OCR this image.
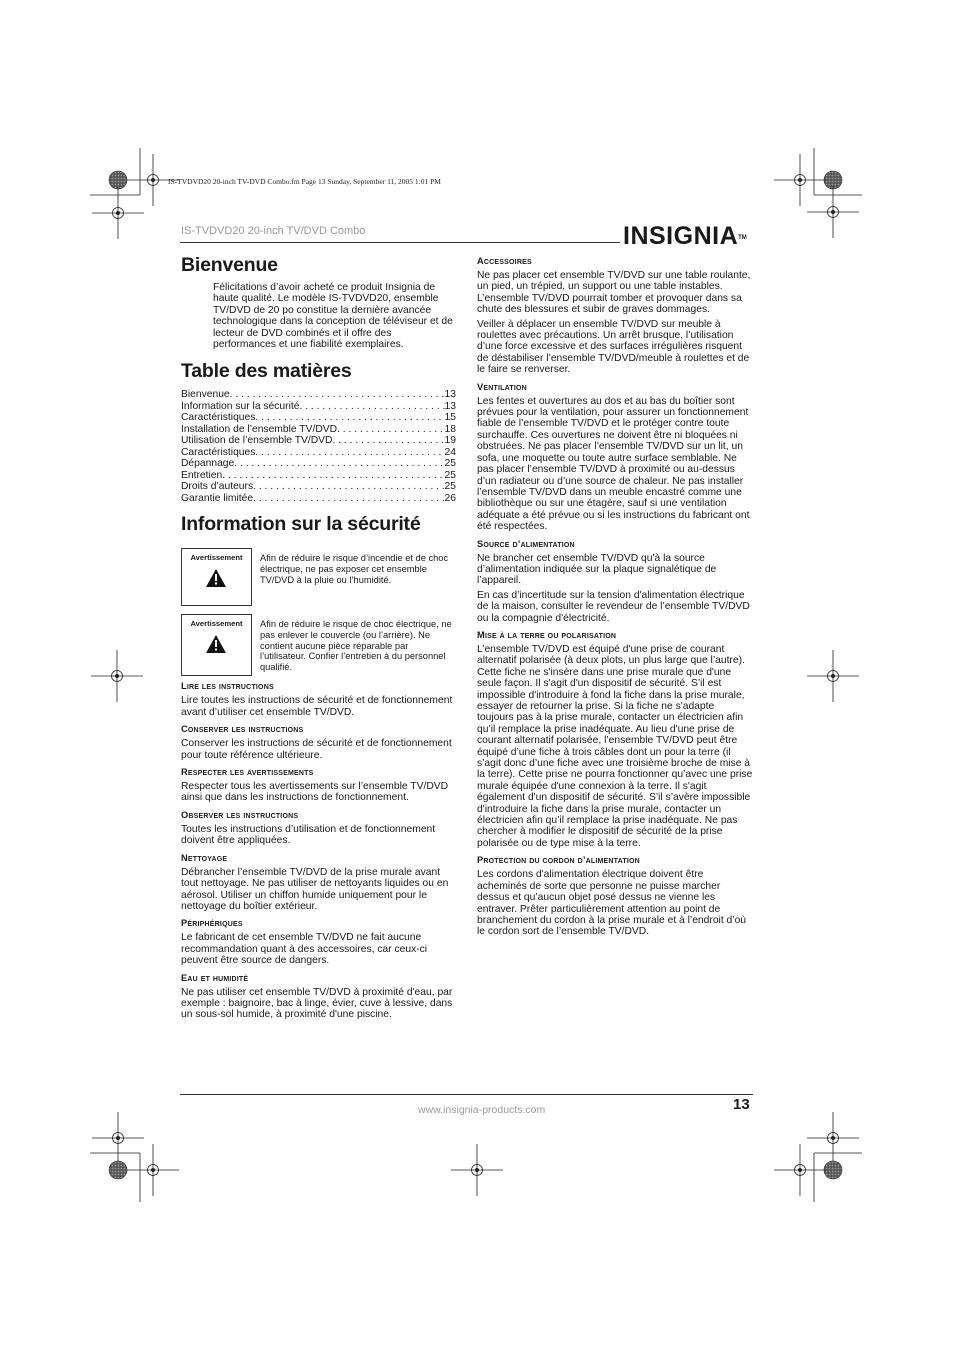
IS-TVDVD20 20-inch TV-DVD Combo.fm Page 13 Sunday, September 11, 2005 1:01 PM
IS-TVDVD20 20-inch TV/DVD Combo	INSIGNIA™
Bienvenue
Félicitations d’avoir acheté ce produit Insignia de haute qualité. Le modèle IS-TVDVD20, ensemble TV/DVD de 20 po constitue la dernière avancée technologique dans la conception de téléviseur et de lecteur de DVD combinés et il offre des performances et une fiabilité exemplaires.
Table des matières
Bienvenue . . .	13
Information sur la sécurité . . .	13
Caractéristiques . . .	15
Installation de l’ensemble TV/DVD . . .	18
Utilisation de l’ensemble TV/DVD . . .	19
Caractéristiques . . .	24
Dépannage . . .	25
Entretien . . .	25
Droits d’auteurs . . .	25
Garantie limitée . . .	26
Information sur la sécurité
Avertissement	Afin de réduire le risque d’incendie et de choc électrique, ne pas exposer cet ensemble TV/DVD à la pluie ou l’humidité.
Avertissement	Afin de réduire le risque de choc électrique, ne pas enlever le couvercle (ou l’arrière). Ne contient aucune pièce réparable par l’utilisateur. Confier l’entretien à du personnel qualifié.
Lire les instructions
Lire toutes les instructions de sécurité et de fonctionnement avant d’utiliser cet ensemble TV/DVD.
Conserver les instructions
Conserver les instructions de sécurité et de fonctionnement pour toute référence ultérieure.
Respecter les avertissements
Respecter tous les avertissements sur l’ensemble TV/DVD ainsi que dans les instructions de fonctionnement.
Observer les instructions
Toutes les instructions d’utilisation et de fonctionnement doivent être appliquées.
Nettoyage
Débrancher l’ensemble TV/DVD de la prise murale avant tout nettoyage. Ne pas utiliser de nettoyants liquides ou en aérosol. Utiliser un chiffon humide uniquement pour le nettoyage du boîtier extérieur.
Périphériques
Le fabricant de cet ensemble TV/DVD ne fait aucune recommandation quant à des accessoires, car ceux-ci peuvent être source de dangers.
Eau et humidité
Ne pas utiliser cet ensemble TV/DVD à proximité d'eau, par exemple : baignoire, bac à linge, évier, cuve à lessive, dans un sous-sol humide, à proximité d'une piscine.
Accessoires
Ne pas placer cet ensemble TV/DVD sur une table roulante, un pied, un trépied, un support ou une table instables. L’ensemble TV/DVD pourrait tomber et provoquer dans sa chute des blessures et subir de graves dommages.
Veiller à déplacer un ensemble TV/DVD sur meuble à roulettes avec précautions. Un arrêt brusque, l’utilisation d’une force excessive et des surfaces irrégulières risquent de déstabiliser l’ensemble TV/DVD/meuble à roulettes et de le faire se renverser.
Ventilation
Les fentes et ouvertures au dos et au bas du boîtier sont prévues pour la ventilation, pour assurer un fonctionnement fiable de l’ensemble TV/DVD et le protéger contre toute surchauffe. Ces ouvertures ne doivent être ni bloquées ni obstruées. Ne pas placer l’ensemble TV/DVD sur un lit, un sofa, une moquette ou toute autre surface semblable. Ne pas placer l’ensemble TV/DVD à proximité ou au-dessus d’un radiateur ou d’une source de chaleur. Ne pas installer l’ensemble TV/DVD dans un meuble encastré comme une bibliothèque ou sur une étagère, sauf si une ventilation adéquate a été prévue ou si les instructions du fabricant ont été respectées.
Source d’alimentation
Ne brancher cet ensemble TV/DVD qu'à la source d’alimentation indiquée sur la plaque signalétique de l’appareil.
En cas d’incertitude sur la tension d'alimentation électrique de la maison, consulter le revendeur de l’ensemble TV/DVD ou la compagnie d'électricité.
Mise à la terre ou polarisation
L’ensemble TV/DVD est équipé d'une prise de courant alternatif polarisée (à deux plots, un plus large que l’autre). Cette fiche ne s'insère dans une prise murale que d'une seule façon. Il s'agit d'un dispositif de sécurité. S’il est impossible d'introduire à fond la fiche dans la prise murale, essayer de retourner la prise. Si la fiche ne s'adapte toujours pas à la prise murale, contacter un électricien afin qu’il remplace la prise inadéquate. Au lieu d'une prise de courant alternatif polarisée, l’ensemble TV/DVD peut être équipé d’une fiche à trois câbles dont un pour la terre (il s’agit donc d’une fiche avec une troisième broche de mise à la terre). Cette prise ne pourra fonctionner qu’avec une prise murale équipée d'une connexion à la terre. Il s'agit également d'un dispositif de sécurité. S’il s’avère impossible d'introduire la fiche dans la prise murale, contacter un électricien afin qu’il remplace la prise inadéquate. Ne pas chercher à modifier le dispositif de sécurité de la prise polarisée ou de type mise à la terre.
Protection du cordon d’alimentation
Les cordons d'alimentation électrique doivent être acheminés de sorte que personne ne puisse marcher dessus et qu’aucun objet posé dessus ne vienne les entraver. Prêter particulièrement attention au point de branchement du cordon à la prise murale et à l’endroit d’où le cordon sort de l’ensemble TV/DVD.
www.insignia-products.com	13
